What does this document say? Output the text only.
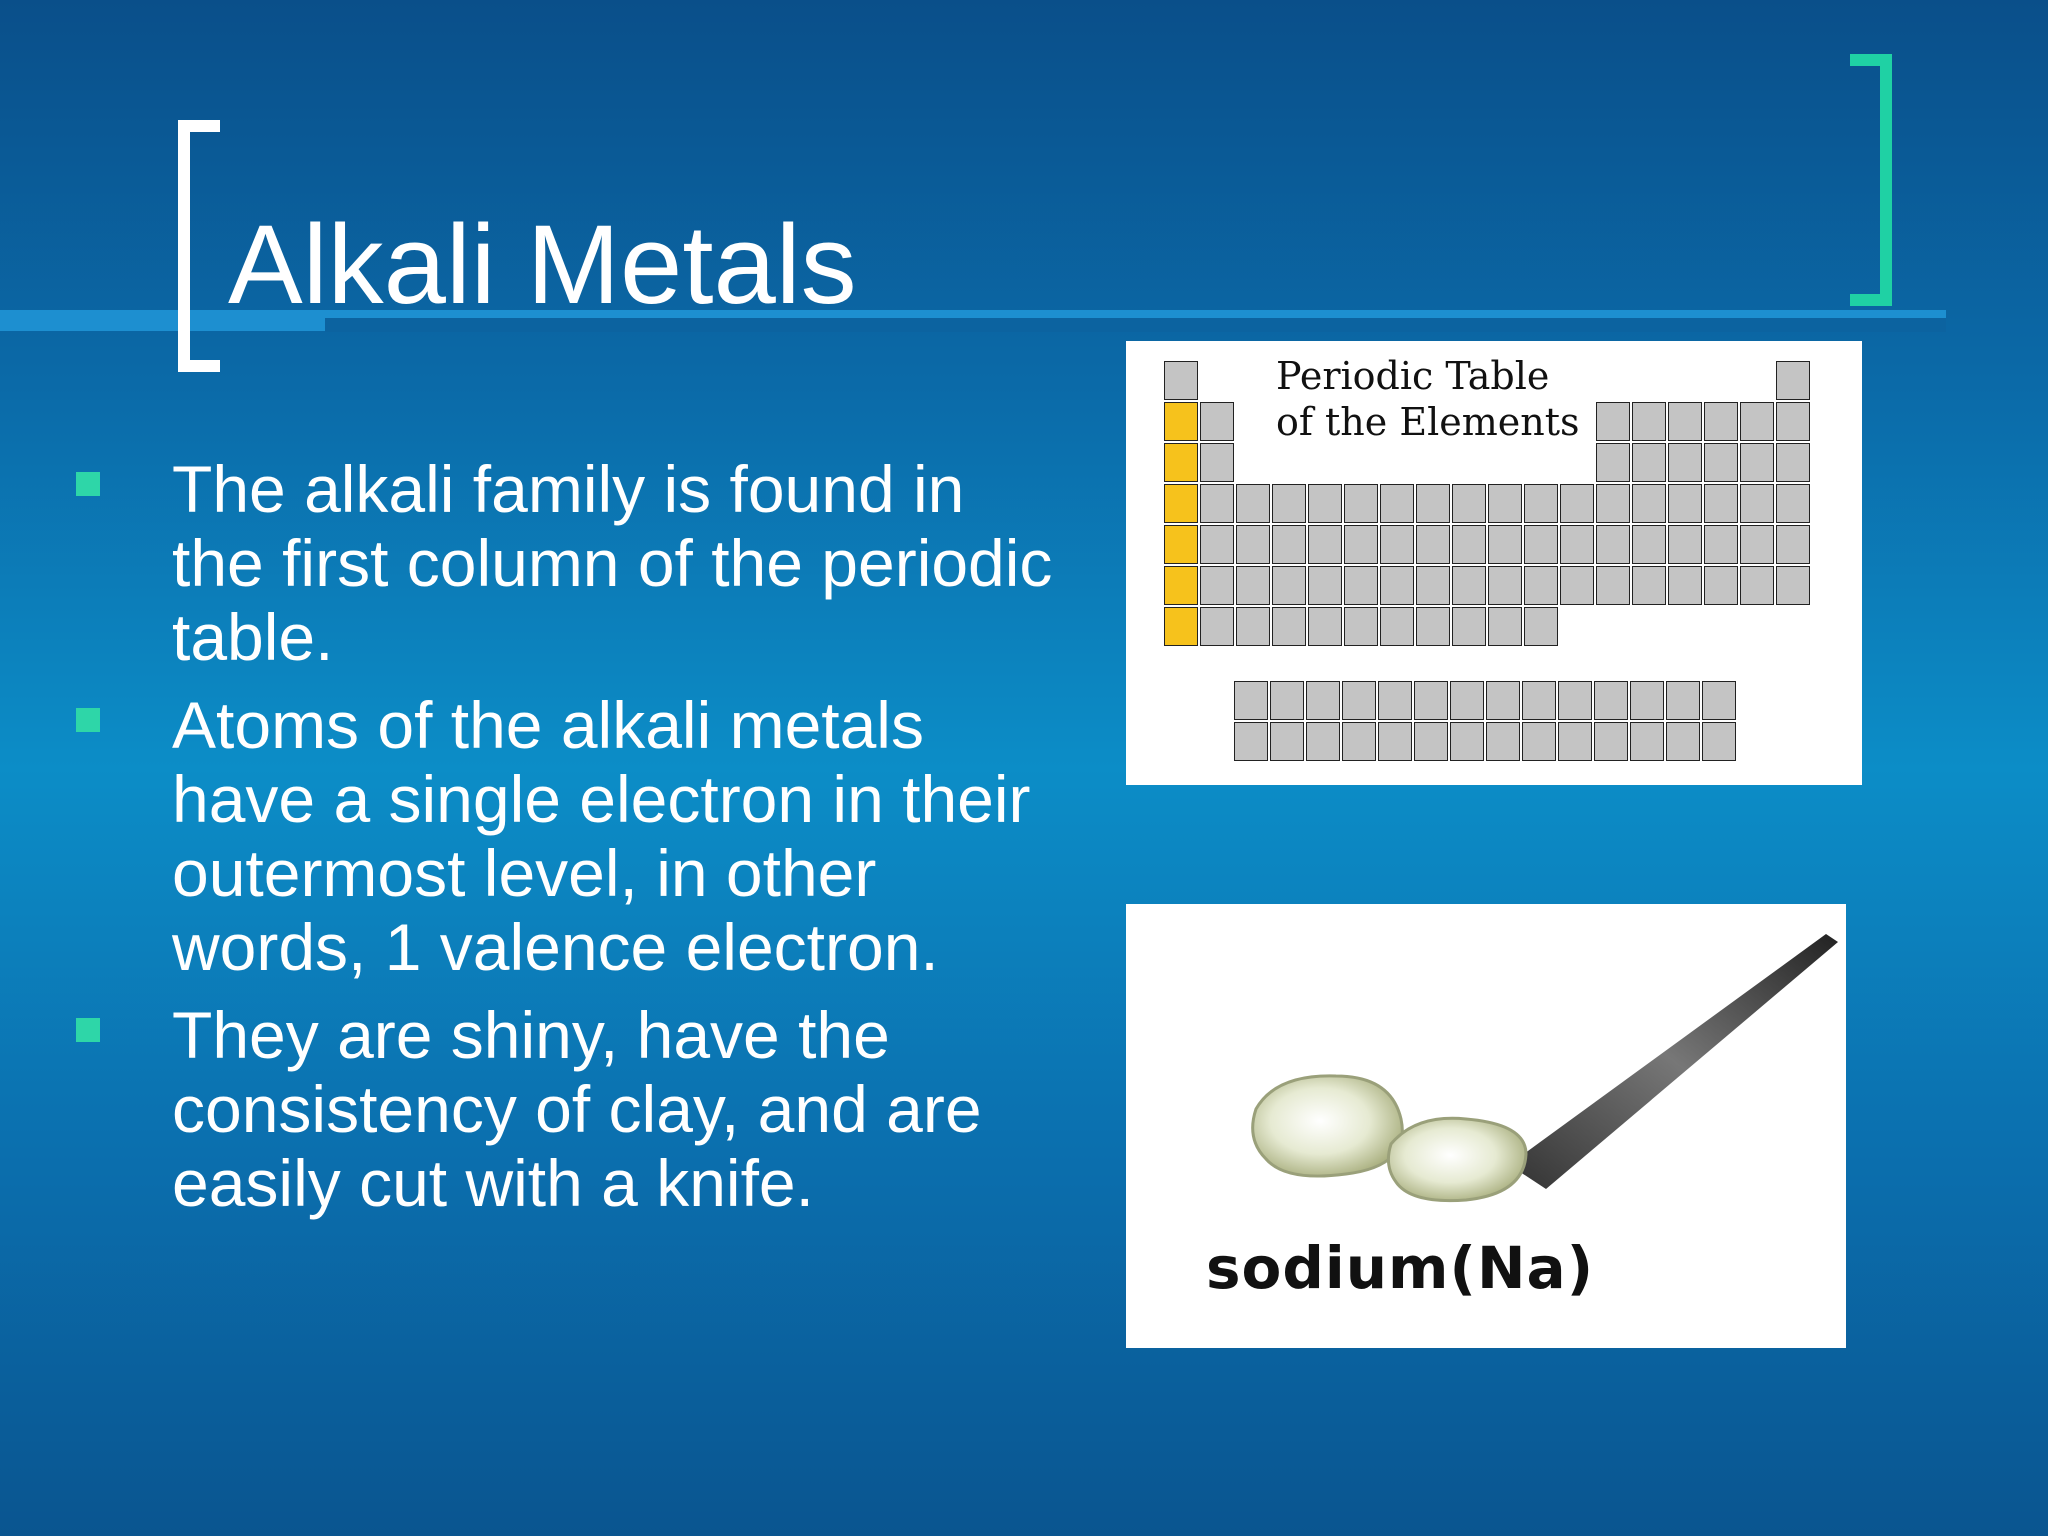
Alkali Metals
The alkali family is found in the first column of the periodic table.
Atoms of the alkali metals have a single electron in their outermost level, in other words, 1 valence electron.
They are shiny, have the consistency of clay, and are easily cut with a knife.
Periodic Table
of the Elements
sodium(Na)
